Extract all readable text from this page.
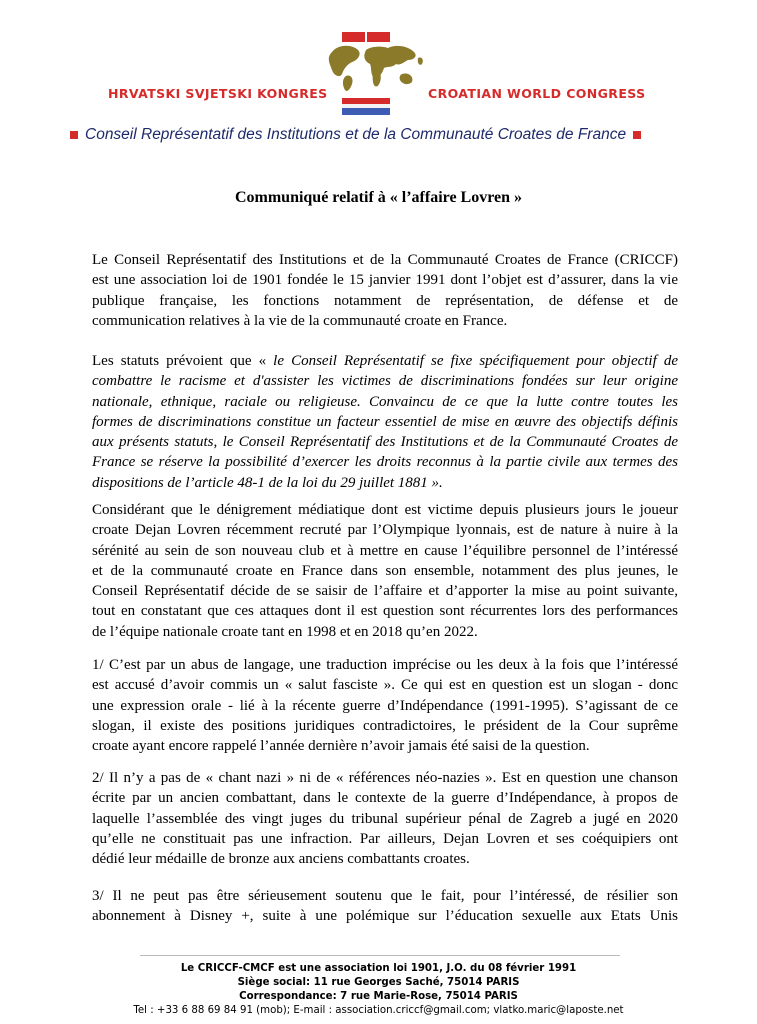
HRVATSKI SVJETSKI KONGRES	CROATIAN WORLD CONGRESS
Conseil Représentatif des Institutions et de la Communauté Croates de France
Communiqué relatif à « l’affaire Lovren »
Le Conseil Représentatif des Institutions et de la Communauté Croates de France (CRICCF)
est une association loi de 1901 fondée le 15 janvier 1991 dont l’objet est d’assurer, dans la vie
publique française, les fonctions notamment de représentation, de défense et de
communication relatives à la vie de la communauté croate en France.
Les statuts prévoient que « le Conseil Représentatif se fixe spécifiquement pour objectif de
combattre le racisme et d'assister les victimes de discriminations fondées sur leur origine
nationale, ethnique, raciale ou religieuse. Convaincu de ce que la lutte contre toutes les
formes de discriminations constitue un facteur essentiel de mise en œuvre des objectifs définis
aux présents statuts, le Conseil Représentatif des Institutions et de la Communauté Croates de
France se réserve la possibilité d’exercer les droits reconnus à la partie civile aux termes des
dispositions de l’article 48-1 de la loi du 29 juillet 1881 ».
Considérant que le dénigrement médiatique dont est victime depuis plusieurs jours le joueur
croate Dejan Lovren récemment recruté par l’Olympique lyonnais, est de nature à nuire à la
sérénité au sein de son nouveau club et à mettre en cause l’équilibre personnel de l’intéressé
et de la communauté croate en France dans son ensemble, notamment des plus jeunes, le
Conseil Représentatif décide de se saisir de l’affaire et d’apporter la mise au point suivante,
tout en constatant que ces attaques dont il est question sont récurrentes lors des performances
de l’équipe nationale croate tant en 1998 et en 2018 qu’en 2022.
1/ C’est par un abus de langage, une traduction imprécise ou les deux à la fois que l’intéressé
est accusé d’avoir commis un « salut fasciste ». Ce qui est en question est un slogan - donc
une expression orale - lié à la récente guerre d’Indépendance (1991-1995). S’agissant de ce
slogan, il existe des positions juridiques contradictoires, le président de la Cour suprême
croate ayant encore rappelé l’année dernière n’avoir jamais été saisi de la question.
2/ Il n’y a pas de « chant nazi » ni de « références néo-nazies ». Est en question une chanson
écrite par un ancien combattant, dans le contexte de la guerre d’Indépendance, à propos de
laquelle l’assemblée des vingt juges du tribunal supérieur pénal de Zagreb a jugé en 2020
qu’elle ne constituait pas une infraction. Par ailleurs, Dejan Lovren et ses coéquipiers ont
dédié leur médaille de bronze aux anciens combattants croates.
3/ Il ne peut pas être sérieusement soutenu que le fait, pour l’intéressé, de résilier son
abonnement à Disney +, suite à une polémique sur l’éducation sexuelle aux Etats Unis
Le CRICCF-CMCF est une association loi 1901, J.O. du 08 février 1991
Siège social: 11 rue Georges Saché, 75014 PARIS
Correspondance: 7 rue Marie-Rose, 75014 PARIS
Tel : +33 6 88 69 84 91 (mob); E-mail : association.criccf@gmail.com; vlatko.maric@laposte.net
